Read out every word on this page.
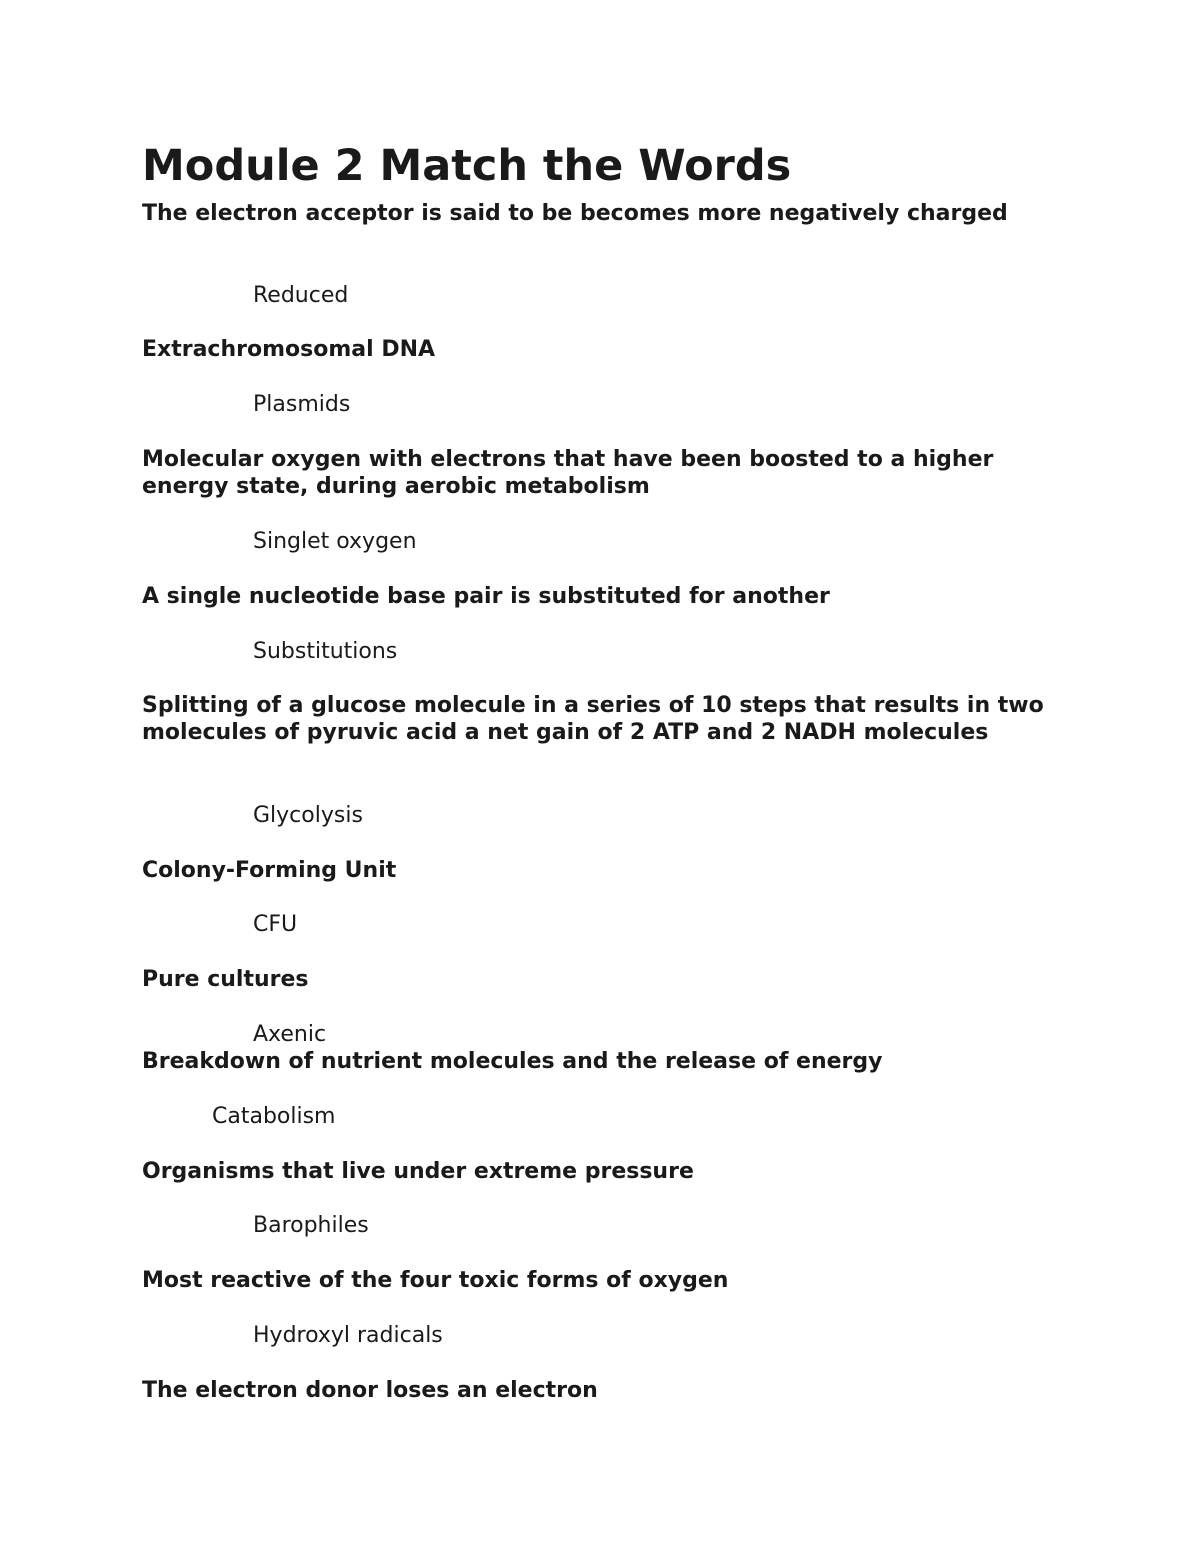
Module 2 Match the Words

The electron acceptor is said to be becomes more negatively charged

Reduced

Extrachromosomal DNA

Plasmids

Molecular oxygen with electrons that have been boosted to a higher energy state, during aerobic metabolism

Singlet oxygen

A single nucleotide base pair is substituted for another

Substitutions

Splitting of a glucose molecule in a series of 10 steps that results in two molecules of pyruvic acid a net gain of 2 ATP and 2 NADH molecules

Glycolysis

Colony-Forming Unit

CFU

Pure cultures

Axenic

Breakdown of nutrient molecules and the release of energy

Catabolism

Organisms that live under extreme pressure

Barophiles

Most reactive of the four toxic forms of oxygen

Hydroxyl radicals

The electron donor loses an electron
